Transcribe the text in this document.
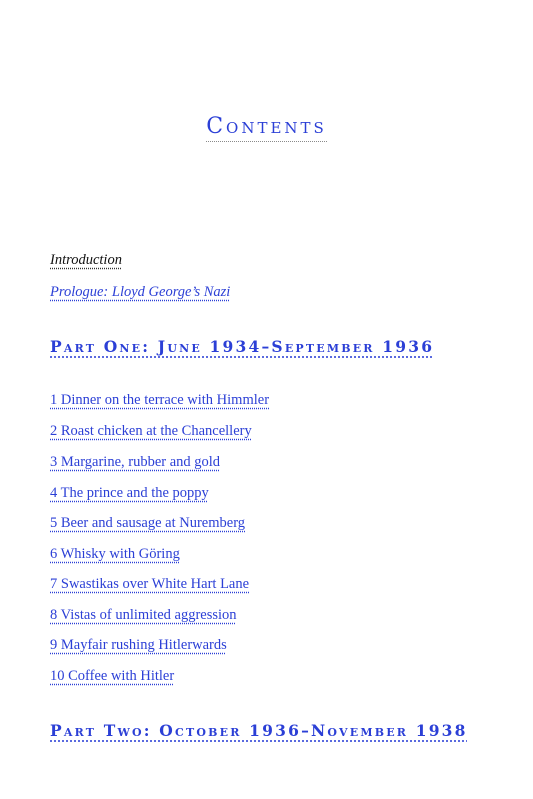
Contents
Introduction
Prologue: Lloyd George’s Nazi
Part One: June 1934–September 1936
1 Dinner on the terrace with Himmler
2 Roast chicken at the Chancellery
3 Margarine, rubber and gold
4 The prince and the poppy
5 Beer and sausage at Nuremberg
6 Whisky with Göring
7 Swastikas over White Hart Lane
8 Vistas of unlimited aggression
9 Mayfair rushing Hitlerwards
10 Coffee with Hitler
Part Two: October 1936–November 1938
